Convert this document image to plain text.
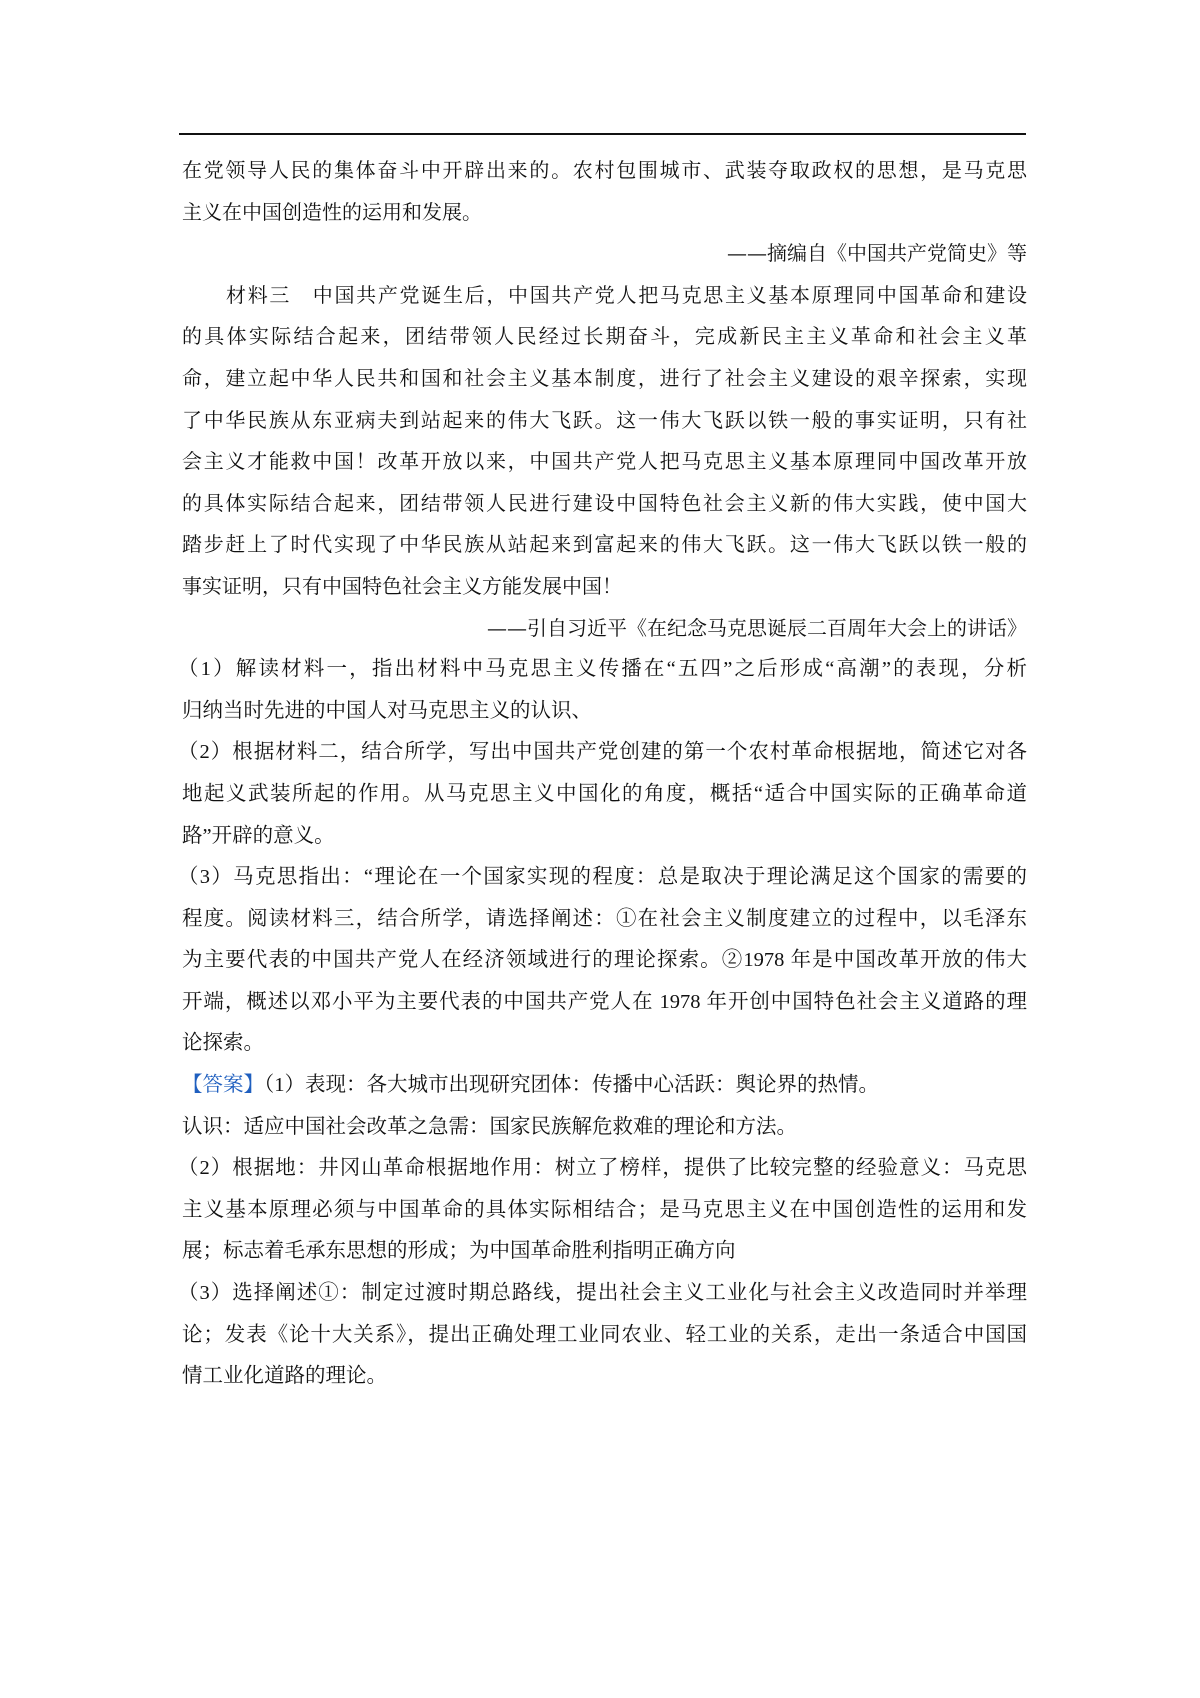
在党领导人民的集体奋斗中开辟出来的。农村包围城市、武装夺取政权的思想，是马克思
主义在中国创造性的运用和发展。
——摘编自《中国共产党简史》等
材料三　中国共产党诞生后，中国共产党人把马克思主义基本原理同中国革命和建设
的具体实际结合起来，团结带领人民经过长期奋斗，完成新民主主义革命和社会主义革
命，建立起中华人民共和国和社会主义基本制度，进行了社会主义建设的艰辛探索，实现
了中华民族从东亚病夫到站起来的伟大飞跃。这一伟大飞跃以铁一般的事实证明，只有社
会主义才能救中国！改革开放以来，中国共产党人把马克思主义基本原理同中国改革开放
的具体实际结合起来，团结带领人民进行建设中国特色社会主义新的伟大实践，使中国大
踏步赶上了时代实现了中华民族从站起来到富起来的伟大飞跃。这一伟大飞跃以铁一般的
事实证明，只有中国特色社会主义方能发展中国！
——引自习近平《在纪念马克思诞辰二百周年大会上的讲话》
（1）解读材料一，指出材料中马克思主义传播在“五四”之后形成“高潮”的表现，分析
归纳当时先进的中国人对马克思主义的认识、
（2）根据材料二，结合所学，写出中国共产党创建的第一个农村革命根据地，简述它对各
地起义武装所起的作用。从马克思主义中国化的角度，概括“适合中国实际的正确革命道
路”开辟的意义。
（3）马克思指出：“理论在一个国家实现的程度：总是取决于理论满足这个国家的需要的
程度。阅读材料三，结合所学，请选择阐述：①在社会主义制度建立的过程中，以毛泽东
为主要代表的中国共产党人在经济领域进行的理论探索。②1978 年是中国改革开放的伟大
开端，概述以邓小平为主要代表的中国共产党人在 1978 年开创中国特色社会主义道路的理
论探索。
【答案】（1）表现：各大城市出现研究团体：传播中心活跃：舆论界的热情。
认识：适应中国社会改革之急需：国家民族解危救难的理论和方法。
（2）根据地：井冈山革命根据地作用：树立了榜样，提供了比较完整的经验意义：马克思
主义基本原理必须与中国革命的具体实际相结合；是马克思主义在中国创造性的运用和发
展；标志着毛承东思想的形成；为中国革命胜利指明正确方向
（3）选择阐述①：制定过渡时期总路线，提出社会主义工业化与社会主义改造同时并举理
论；发表《论十大关系》，提出正确处理工业同农业、轻工业的关系，走出一条适合中国国
情工业化道路的理论。
